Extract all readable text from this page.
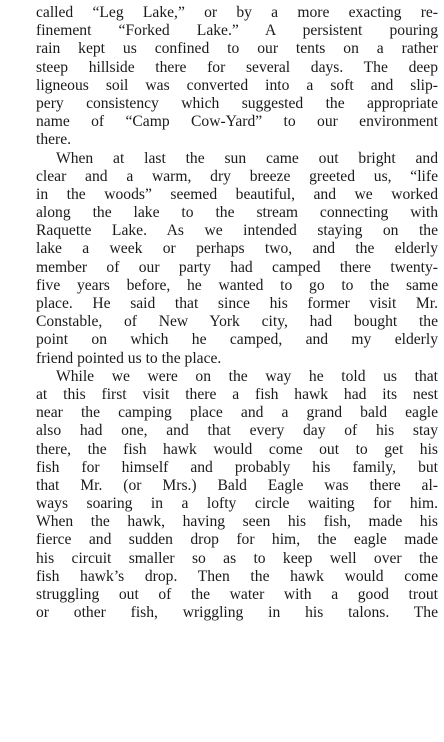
called “Leg Lake,” or by a more exacting re-
finement “Forked Lake.” A persistent pouring
rain kept us confined to our tents on a rather
steep hillside there for several days. The deep
ligneous soil was converted into a soft and slip-
pery consistency which suggested the appropriate
name of “Camp Cow-Yard” to our environment
there.
When at last the sun came out bright and
clear and a warm, dry breeze greeted us, “life
in the woods” seemed beautiful, and we worked
along the lake to the stream connecting with
Raquette Lake. As we intended staying on the
lake a week or perhaps two, and the elderly
member of our party had camped there twenty-
five years before, he wanted to go to the same
place. He said that since his former visit Mr.
Constable, of New York city, had bought the
point on which he camped, and my elderly
friend pointed us to the place.
While we were on the way he told us that
at this first visit there a fish hawk had its nest
near the camping place and a grand bald eagle
also had one, and that every day of his stay
there, the fish hawk would come out to get his
fish for himself and probably his family, but
that Mr. (or Mrs.) Bald Eagle was there al-
ways soaring in a lofty circle waiting for him.
When the hawk, having seen his fish, made his
fierce and sudden drop for him, the eagle made
his circuit smaller so as to keep well over the
fish hawk’s drop. Then the hawk would come
struggling out of the water with a good trout
or other fish, wriggling in his talons. The
